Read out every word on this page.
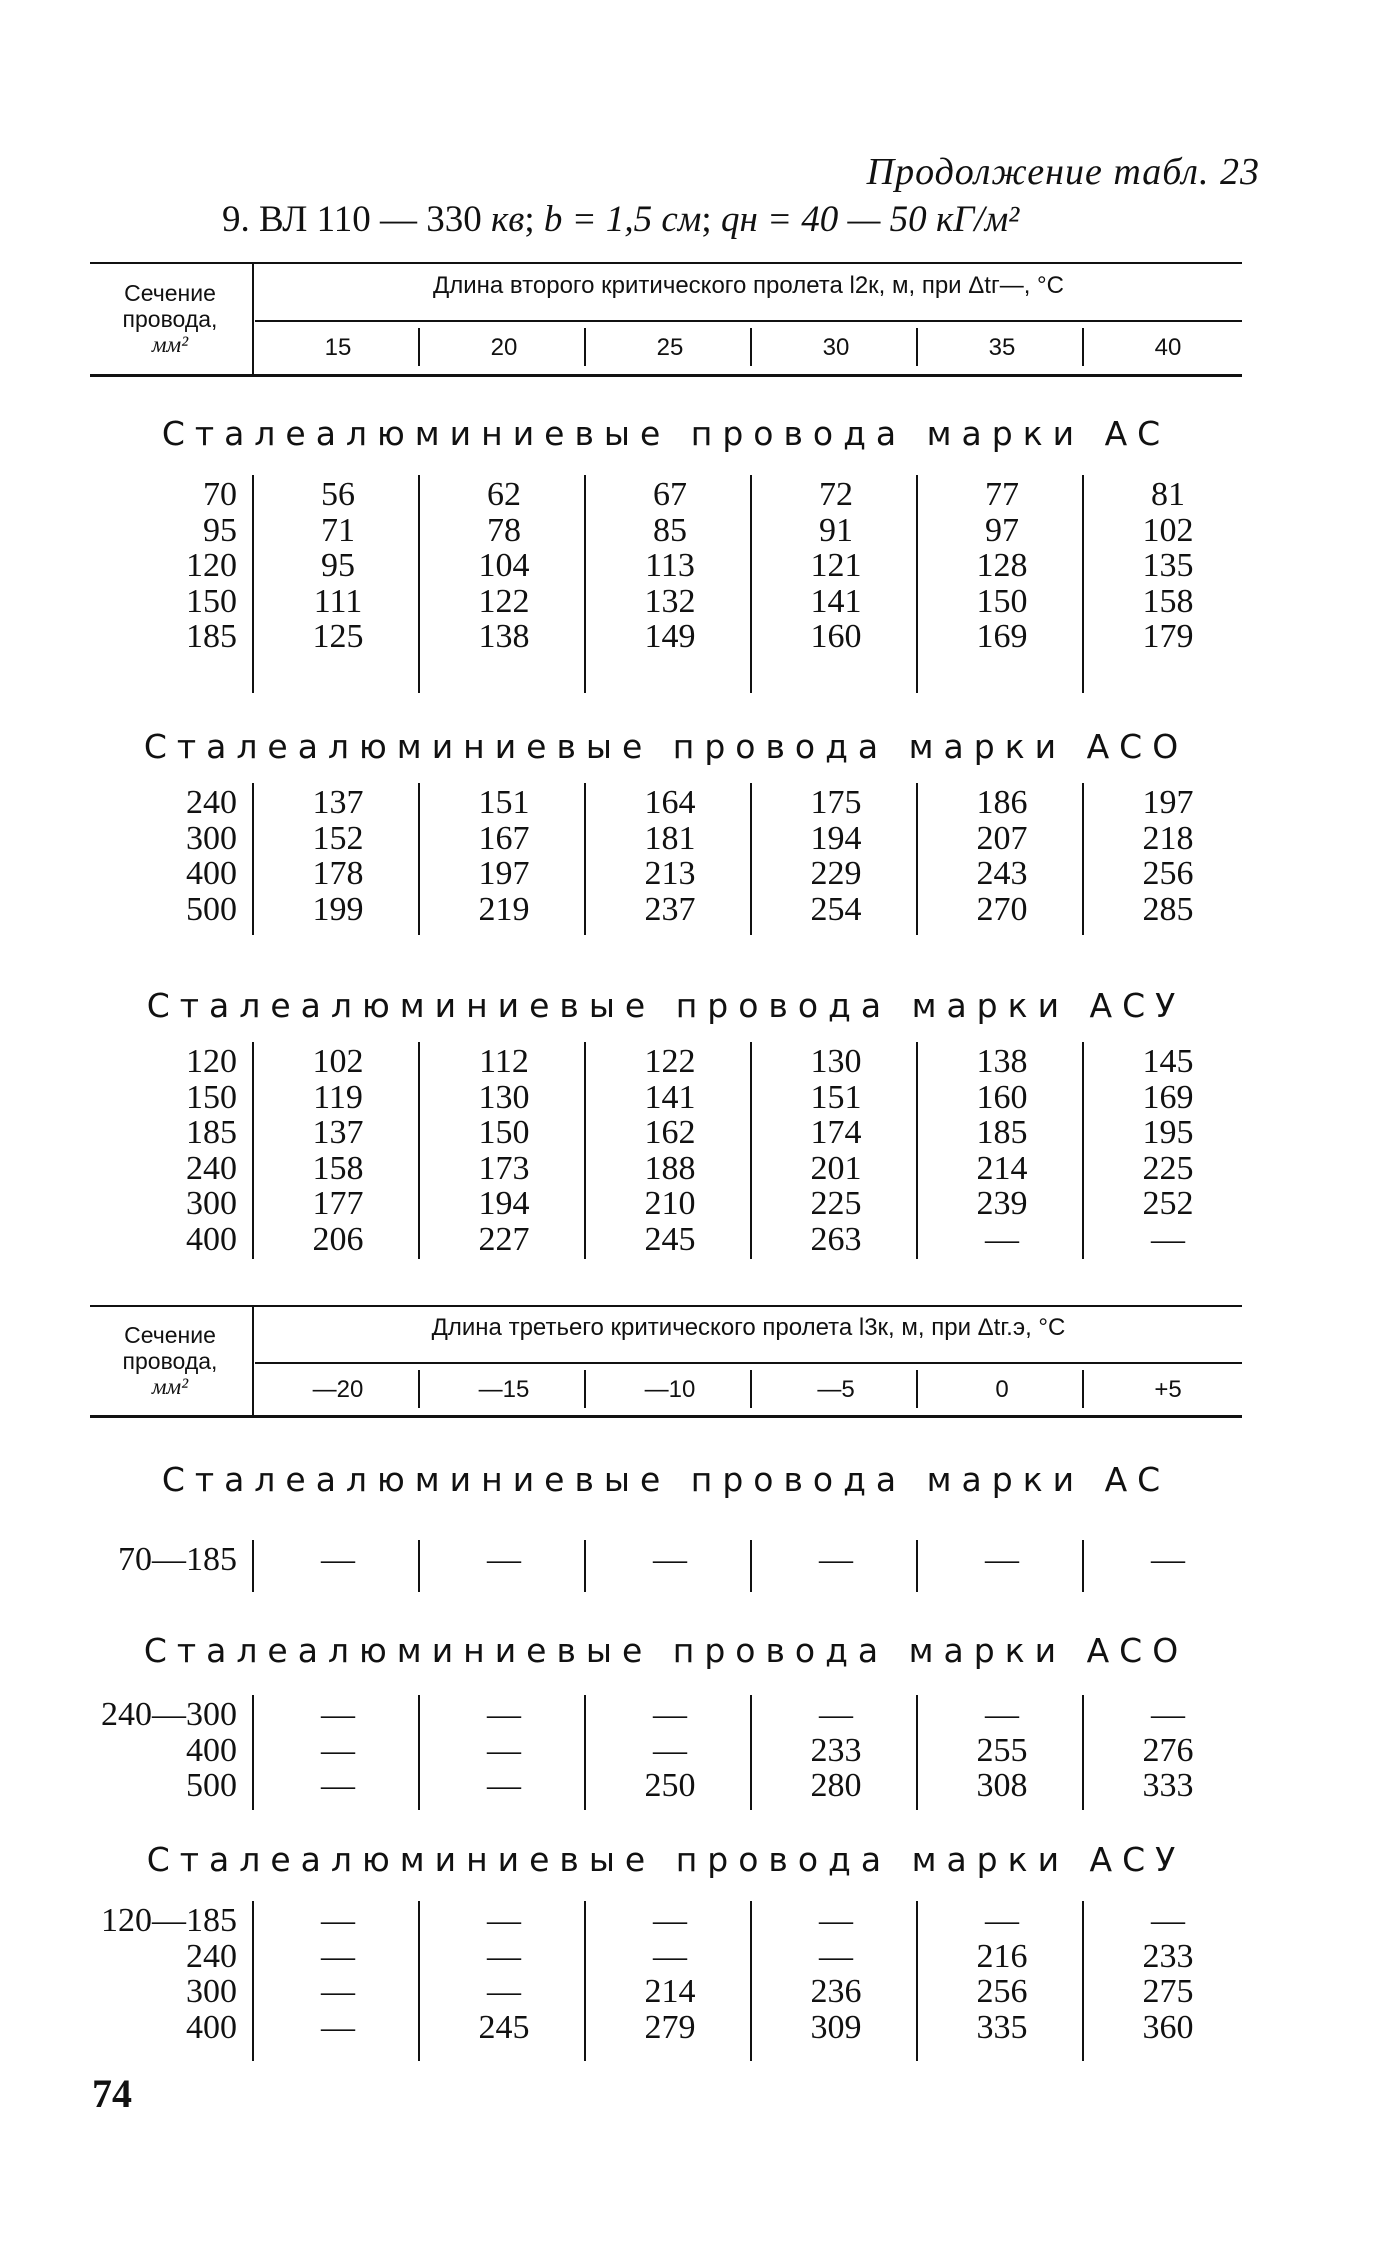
Продолжение табл. 23
9. ВЛ 110 — 330 кв; b = 1,5 см; qн = 40 — 50 кГ/м²
Сечение
провода,
мм²
Длина второго критического пролета l2к, м, при Δtг—, °С
15	20	25	30	35	40
Сечение
провода,
мм²
Длина третьего критического пролета l3к, м, при Δtг.э, °С
—20	—15	—10	—5	0	+5
Сталеалюминиевые провода марки АС
70	56	62	67	72	77	81
95	71	78	85	91	97	102
120	95	104	113	121	128	135
150	111	122	132	141	150	158
185	125	138	149	160	169	179
Сталеалюминиевые провода марки АСО
240	137	151	164	175	186	197
300	152	167	181	194	207	218
400	178	197	213	229	243	256
500	199	219	237	254	270	285
Сталеалюминиевые провода марки АСУ
120	102	112	122	130	138	145
150	119	130	141	151	160	169
185	137	150	162	174	185	195
240	158	173	188	201	214	225
300	177	194	210	225	239	252
400	206	227	245	263	—	—
Сталеалюминиевые провода марки АС
70—185	—	—	—	—	—	—
Сталеалюминиевые провода марки АСО
240—300	—	—	—	—	—	—
400	—	—	—	233	255	276
500	—	—	250	280	308	333
Сталеалюминиевые провода марки АСУ
120—185	—	—	—	—	—	—
240	—	—	—	—	216	233
300	—	—	214	236	256	275
400	—	245	279	309	335	360
74
